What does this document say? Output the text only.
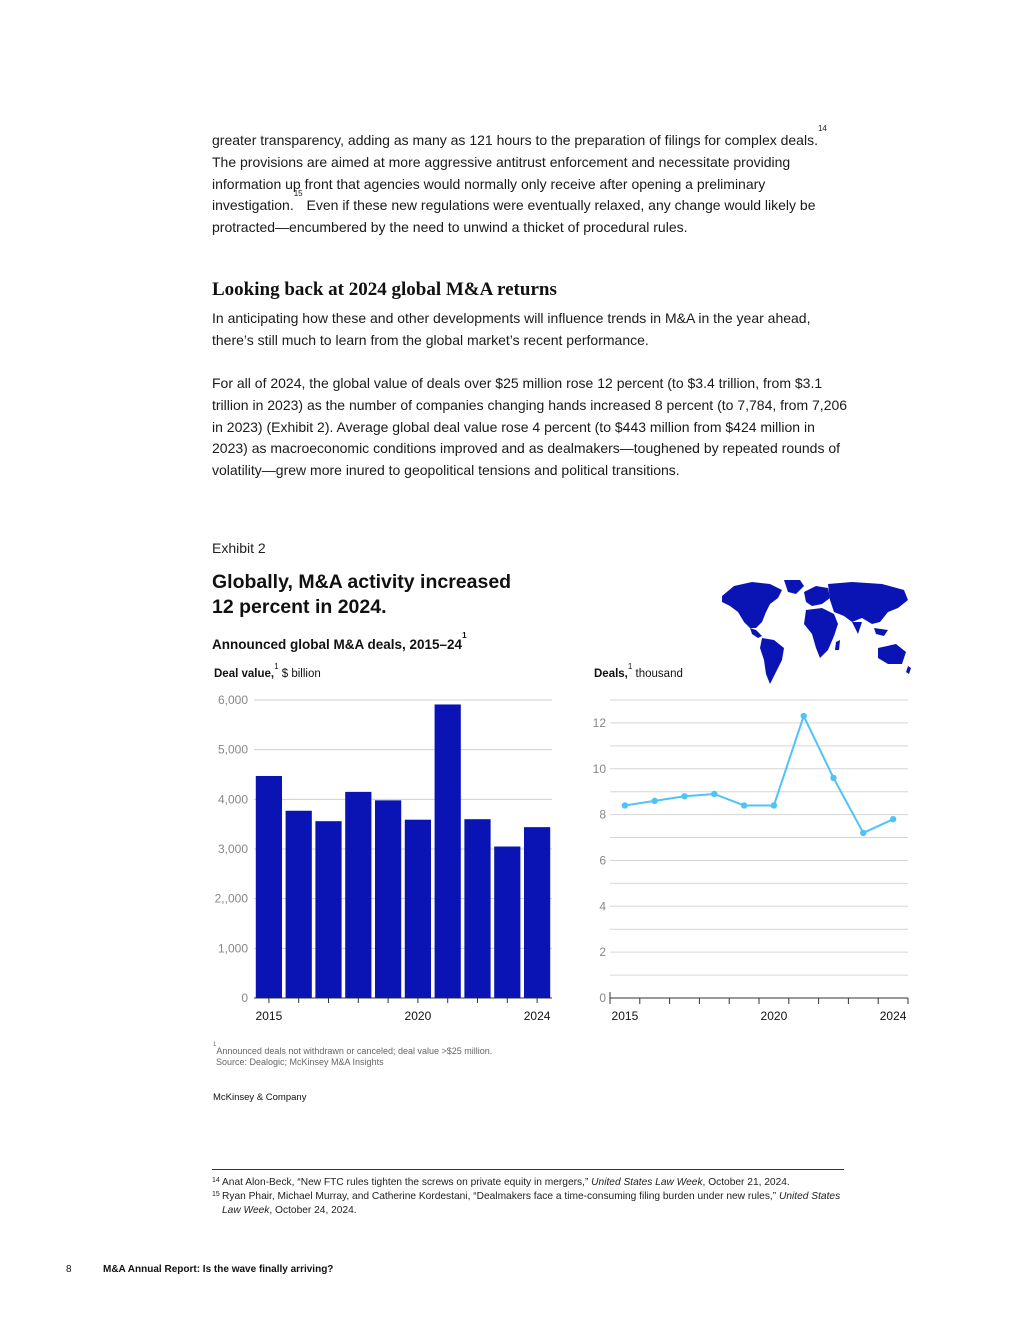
greater transparency, adding as many as 121 hours to the preparation of filings for complex deals.$^{14}$ The provisions are aimed at more aggressive antitrust enforcement and necessitate providing information up front that agencies would normally only receive after opening a preliminary investigation.$^{15}$ Even if these new regulations were eventually relaxed, any change would likely be protracted—encumbered by the need to unwind a thicket of procedural rules.

Looking back at 2024 global M&A returns

In anticipating how these and other developments will influence trends in M&A in the year ahead, there’s still much to learn from the global market’s recent performance.

For all of 2024, the global value of deals over $25 million rose 12 percent (to $3.4 trillion, from $3.1 trillion in 2023) as the number of companies changing hands increased 8 percent (to 7,784, from 7,206 in 2023) (Exhibit 2). Average global deal value rose 4 percent (to $443 million from $424 million in 2023) as macroeconomic conditions improved and as dealmakers—toughened by repeated rounds of volatility—grew more inured to geopolitical tensions and political transitions.

Exhibit 2
Globally, M&A activity increased 12 percent in 2024.
Announced global M&A deals, $2015-24^1$
Deal value,$^1$ $ billion	Deals,$^1$ thousand
0
1,000
2,,000
3,000
4,000
5,000
6,000
2015	2020	2024
0
2
4
6
8
10
12
2015	2020	2024
$^1$Announced deals not withdrawn or canceled; deal value >$25 million.
Source: Dealogic; McKinsey M&A Insights
McKinsey & Company
14 Anat Alon-Beck, “New FTC rules tighten the screws on private equity in mergers,” United States Law Week, October 21, 2024.
15 Ryan Phair, Michael Murray, and Catherine Kordestani, “Dealmakers face a time-consuming filing burden under new rules,” United States Law Week, October 24, 2024.
8	M&A Annual Report: Is the wave finally arriving?
